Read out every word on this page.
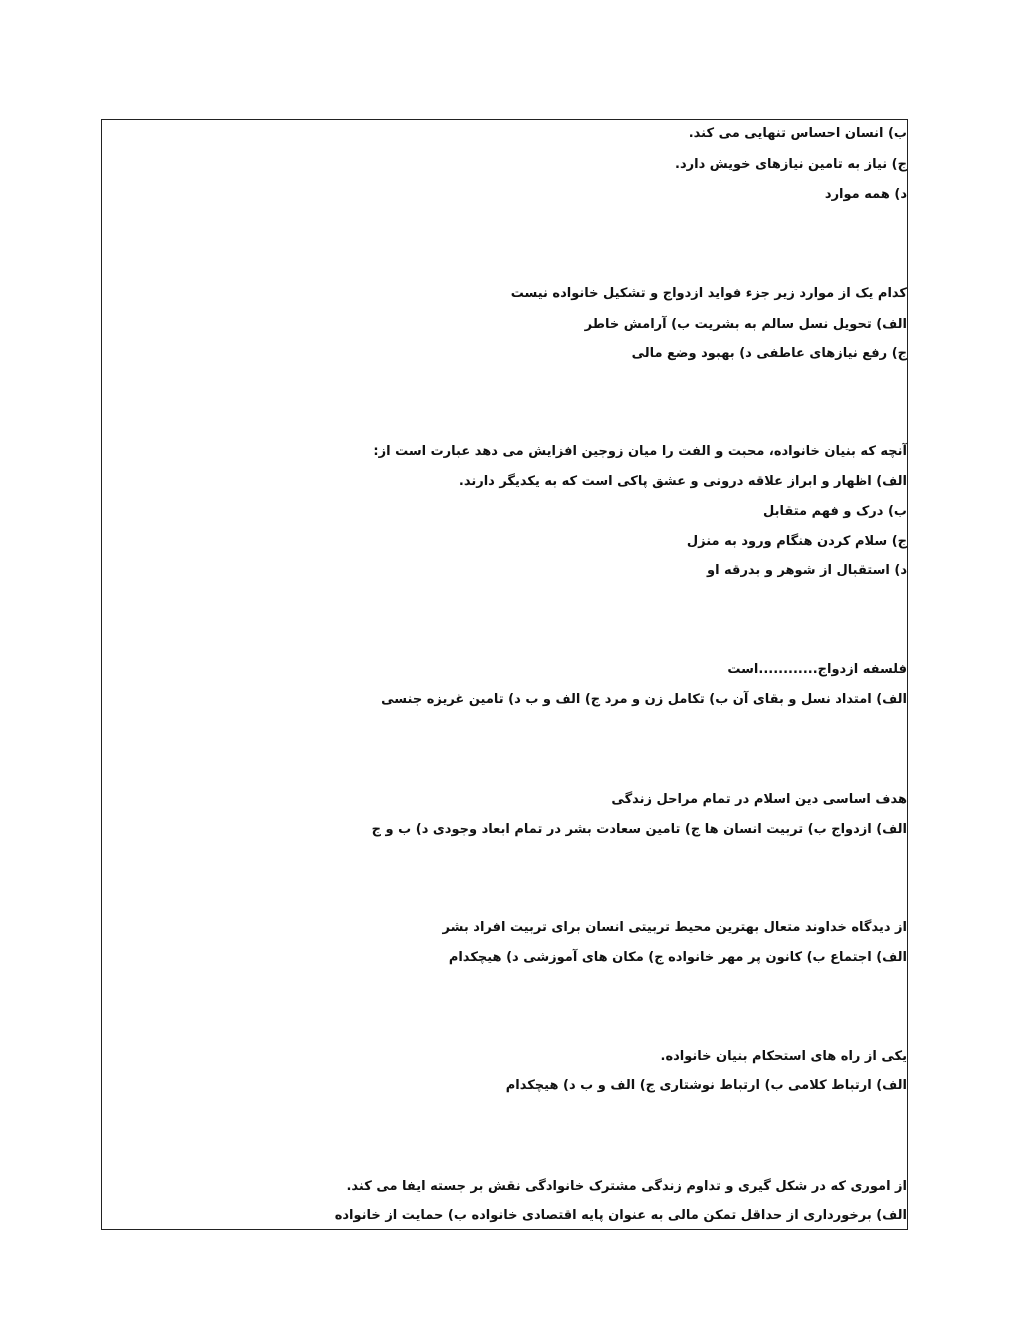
ب) انسان احساس تنهایی می کند.
ج) نیاز به تامین نیازهای خویش دارد.
د) همه موارد
کدام یک از موارد زیر جزء فواید ازدواج و تشکیل خانواده نیست
الف) تحویل نسل سالم به بشریت ب) آرامش خاطر
ج) رفع نیازهای عاطفی د) بهبود وضع مالی
آنچه که بنیان خانواده، محبت و الفت را میان زوجین افزایش می دهد عبارت است از:
الف) اظهار و ابراز علاقه درونی و عشق پاکی است که به یکدیگر دارند.
ب) درک و فهم متقابل
ج) سلام کردن هنگام ورود به منزل
د) استقبال از شوهر و بدرقه او
فلسفه ازدواج............است
الف) امتداد نسل و بقای آن ب) تکامل زن و مرد ج) الف و ب د) تامین غریزه جنسی
هدف اساسی دین اسلام در تمام مراحل زندگی
الف) ازدواج ب) تربیت انسان ها ج) تامین سعادت بشر در تمام ابعاد وجودی د) ب و ج
از دیدگاه خداوند متعال بهترین محیط تربیتی انسان برای تربیت افراد بشر
الف) اجتماع ب) کانون پر مهر خانواده ج) مکان های آموزشی د) هیچکدام
یکی از راه های استحکام بنیان خانواده.
الف) ارتباط کلامی ب) ارتباط نوشتاری ج) الف و ب د) هیچکدام
از اموری که در شکل گیری و تداوم زندگی مشترک خانوادگی نقش بر جسته ایفا می کند.
الف) برخورداری از حداقل تمکن مالی به عنوان پایه اقتصادی خانواده ب) حمایت از خانواده
